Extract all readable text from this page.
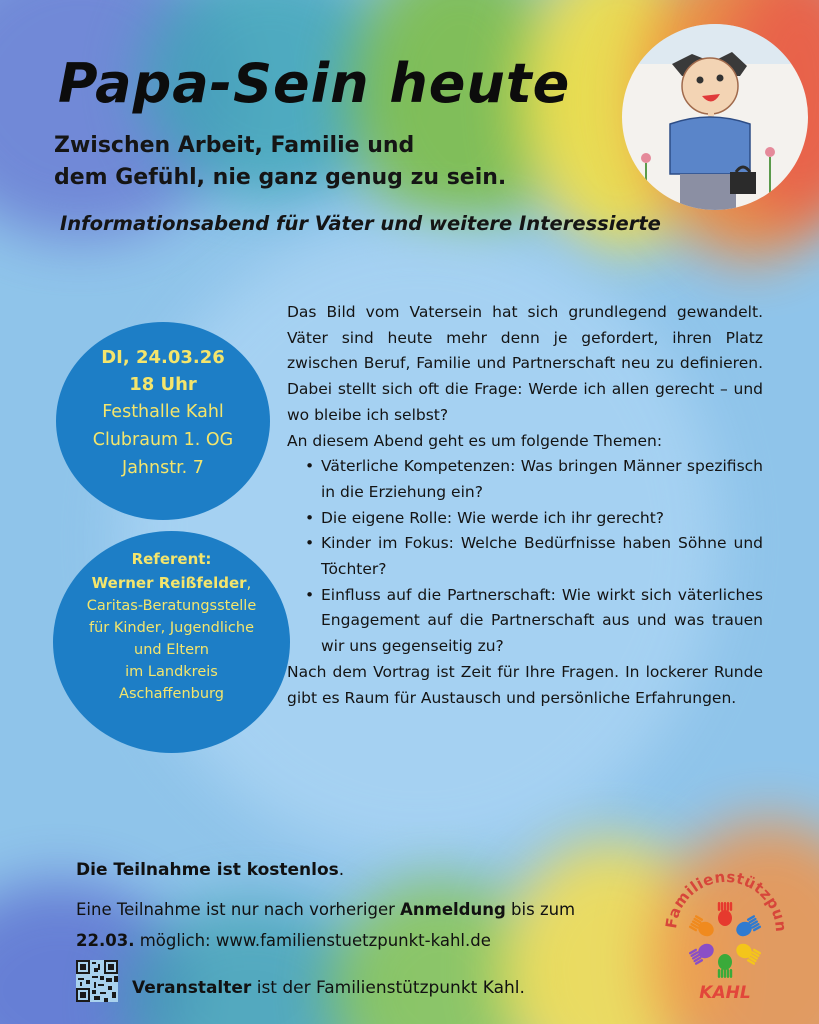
Papa-Sein heute
Zwischen Arbeit, Familie und
dem Gefühl, nie ganz genug zu sein.

Informationsabend für Väter und weitere Interessierte

DI, 24.03.26
18 Uhr
Festhalle Kahl
Clubraum 1. OG
Jahnstr. 7
Referent:
Werner Reißfelder,
Caritas-Beratungsstelle
für Kinder, Jugendliche
und Eltern
im Landkreis
Aschaffenburg

Das Bild vom Vatersein hat sich grundlegend gewandelt. Väter sind heute mehr denn je gefordert, ihren Platz zwischen Beruf, Familie und Partnerschaft neu zu definieren. Dabei stellt sich oft die Frage: Werde ich allen gerecht – und wo bleibe ich selbst?

An diesem Abend geht es um folgende Themen:

• Väterliche Kompetenzen: Was bringen Männer spezifisch in die Erziehung ein?
• Die eigene Rolle: Wie werde ich ihr gerecht?
• Kinder im Fokus: Welche Bedürfnisse haben Söhne und Töchter?
• Einfluss auf die Partnerschaft: Wie wirkt sich väterliches Engagement auf die Partnerschaft aus und was trauen wir uns gegenseitig zu?

Nach dem Vortrag ist Zeit für Ihre Fragen. In lockerer Runde gibt es Raum für Austausch und persönliche Erfahrungen.

Die Teilnahme ist kostenlos.

Eine Teilnahme ist nur nach vorheriger Anmeldung bis zum 22.03. möglich: www.familienstuetzpunkt-kahl.de

Veranstalter ist der Familienstützpunkt Kahl.

Familienstützpun
KAHL
